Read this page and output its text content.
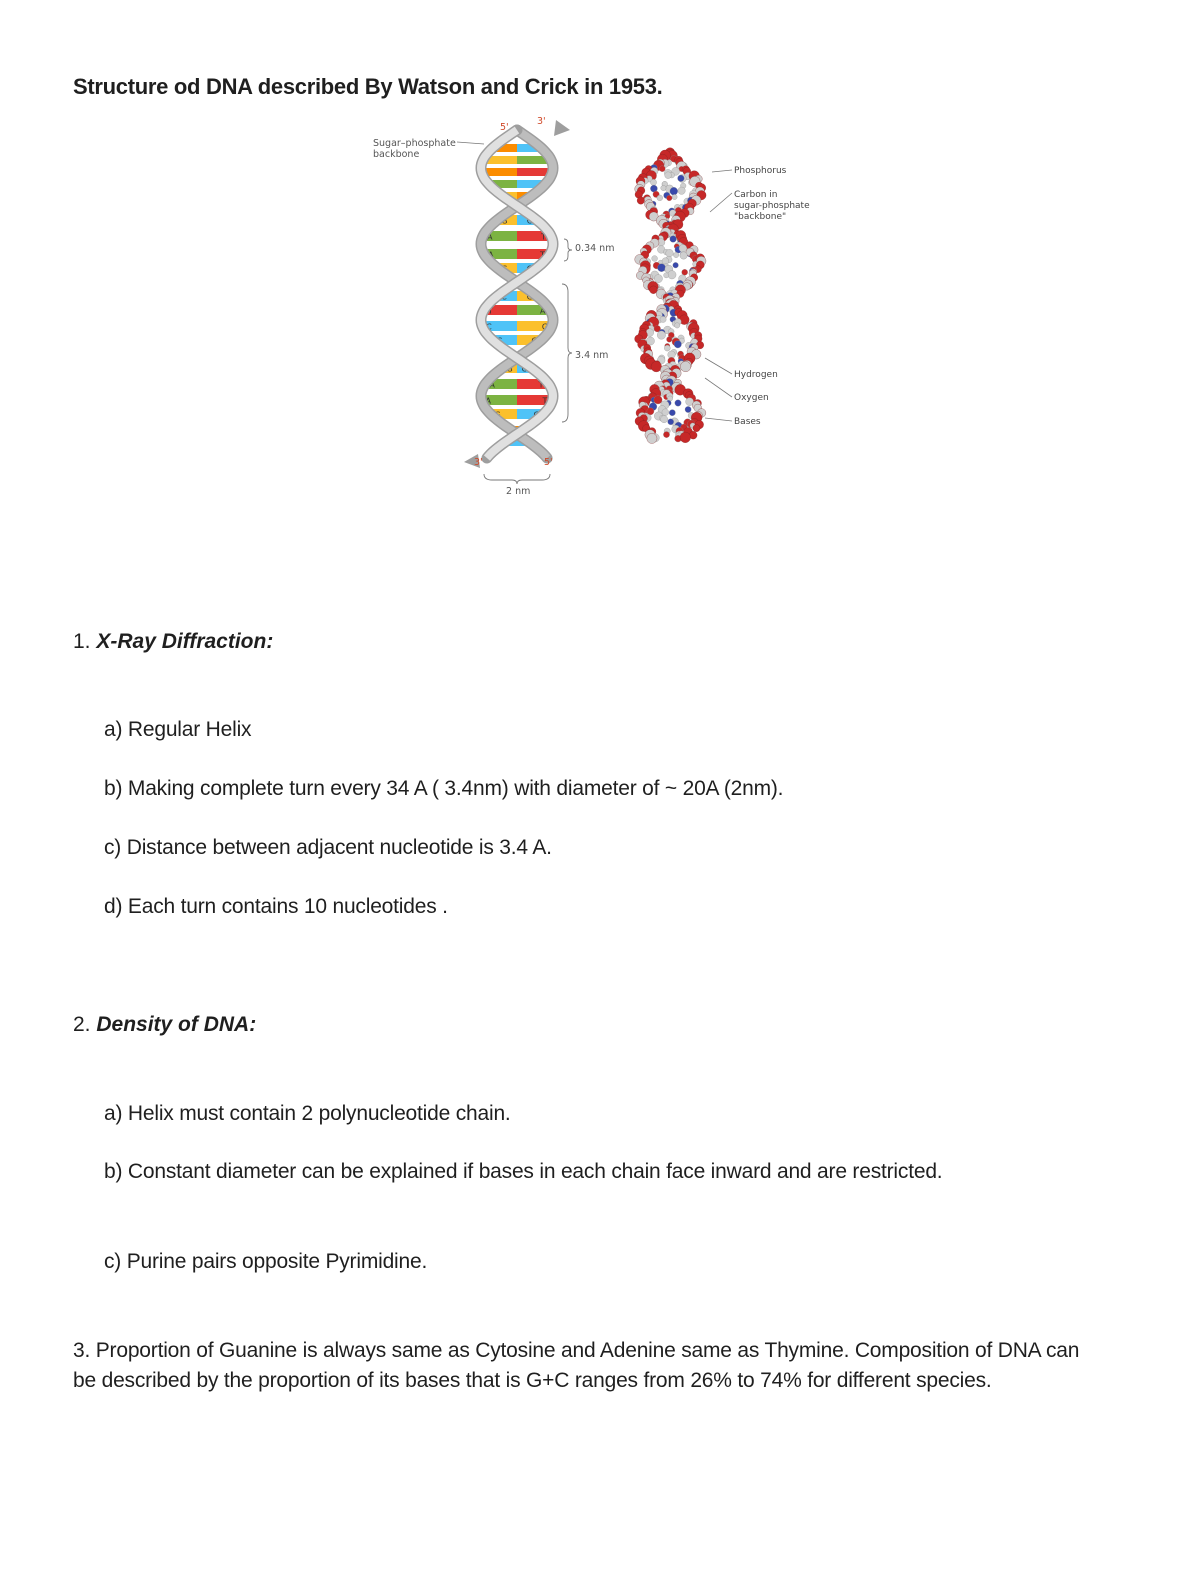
Structure od DNA described By Watson and Crick in 1953.
G C
A	T
A	T
G C
C G
T	A
C	G
C	G
G C
A	T
A	T
G	C
Sugar–phosphate
backbone
5'
3'
3'	5'
0.34 nm
3.4 nm
2 nm
Phosphorus
Carbon in
sugar-phosphate
"backbone"
Hydrogen
Oxygen
Bases
1. X-Ray Diffraction:
a) Regular Helix
b) Making complete turn every 34 A ( 3.4nm) with diameter of ~ 20A (2nm).
c) Distance between adjacent nucleotide is 3.4 A.
d) Each turn contains 10 nucleotides .
2. Density of DNA:
a) Helix must contain 2 polynucleotide chain.
b) Constant diameter can be explained if bases in each chain face inward and are restricted.
c) Purine pairs opposite Pyrimidine.
3. Proportion of Guanine is always same as Cytosine and Adenine same as Thymine. Composition of DNA can be described by the proportion of its bases that is G+C ranges from 26% to 74% for different species.
